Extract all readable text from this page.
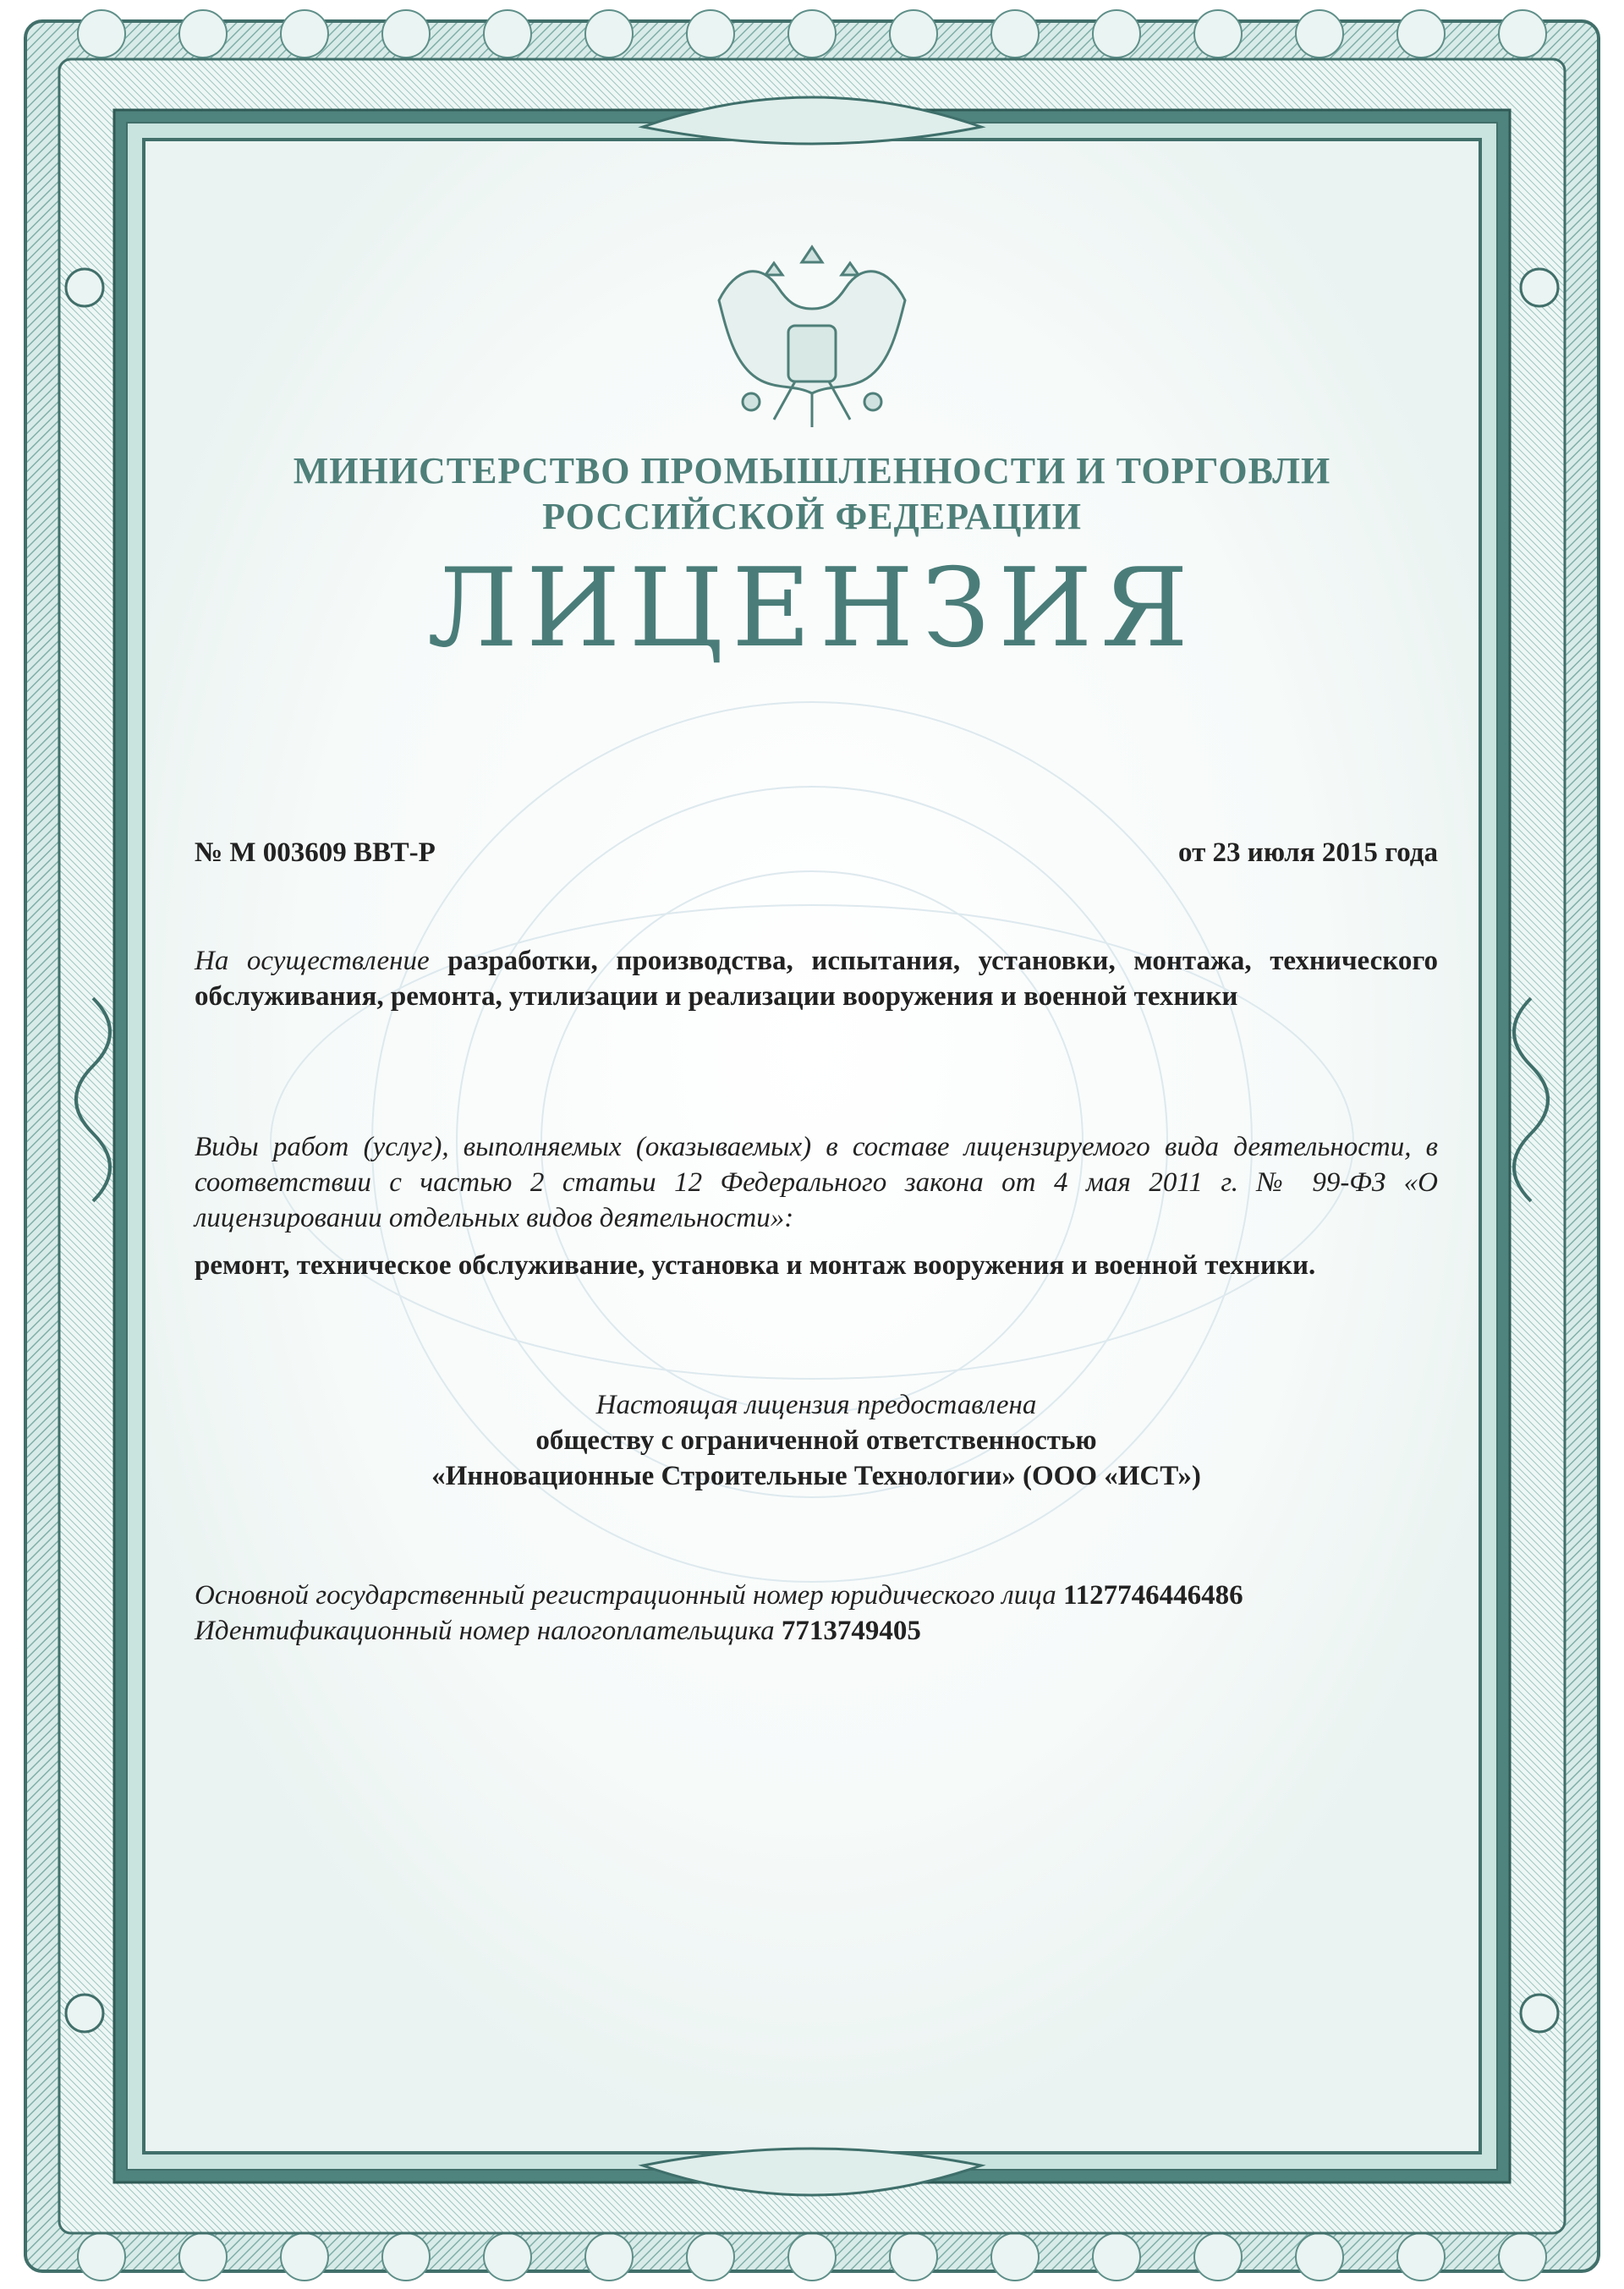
МИНИСТЕРСТВО ПРОМЫШЛЕННОСТИ И ТОРГОВЛИ
РОССИЙСКОЙ ФЕДЕРАЦИИ
ЛИЦЕНЗИЯ
№ М 003609 ВВТ-Р	от 23 июля 2015 года
На осуществление разработки, производства, испытания, установки, монтажа, технического обслуживания, ремонта, утилизации и реализации вооружения и военной техники
Виды работ (услуг), выполняемых (оказываемых) в составе лицензируемого вида деятельности, в соответствии с частью 2 статьи 12 Федерального закона от 4 мая 2011 г. № 99-ФЗ «О лицензировании отдельных видов деятельности»:
ремонт, техническое обслуживание, установка и монтаж вооружения и военной техники.
Настоящая лицензия предоставлена
обществу с ограниченной ответственностью
«Инновационные Строительные Технологии» (ООО «ИСТ»)
Основной государственный регистрационный номер юридического лица 1127746446486
Идентификационный номер налогоплательщика 7713749405
